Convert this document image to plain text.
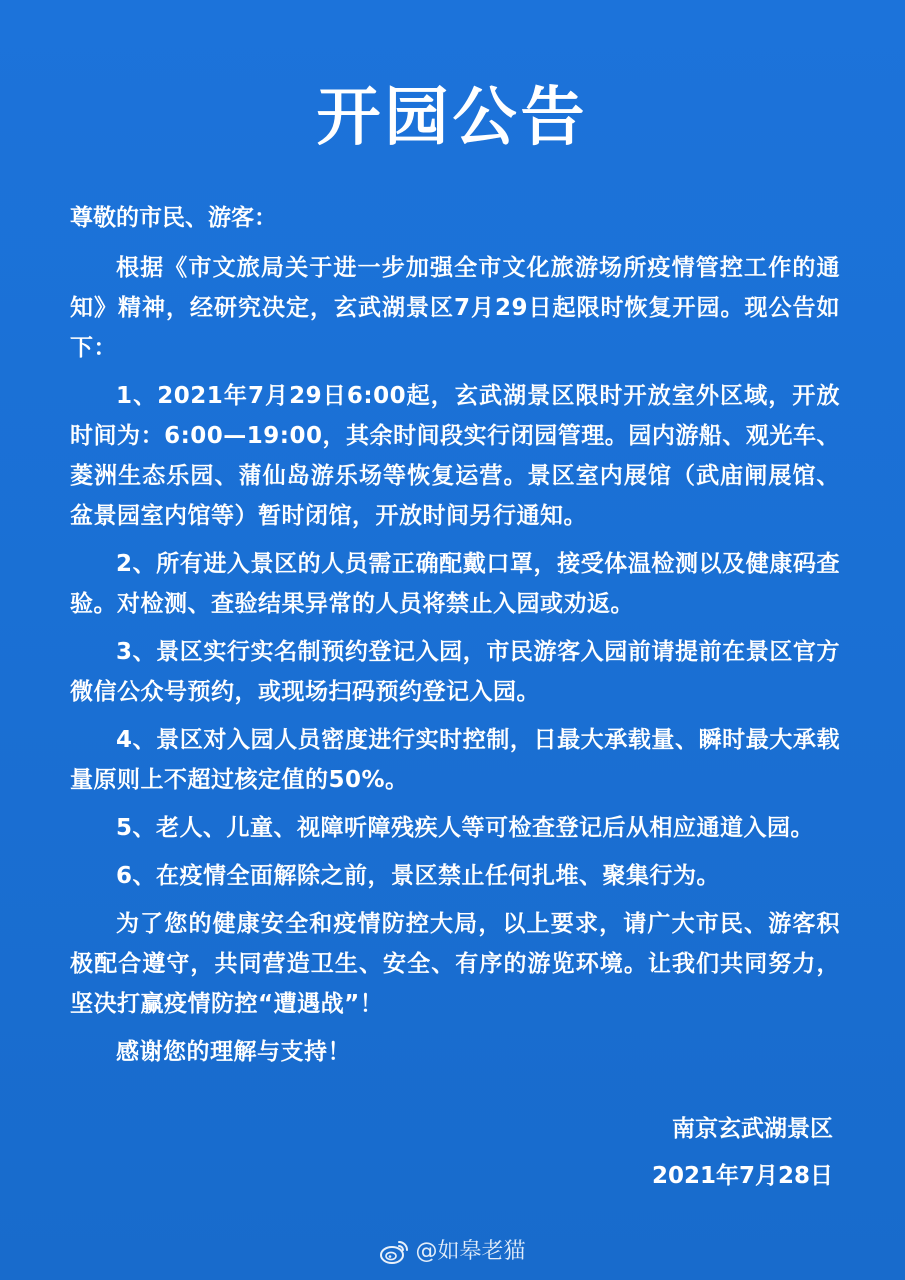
开园公告

尊敬的市民、游客：

根据《市文旅局关于进一步加强全市文化旅游场所疫情管控工作的通知》精神，经研究决定，玄武湖景区7月29日起限时恢复开园。现公告如下：

1、2021年7月29日6:00起，玄武湖景区限时开放室外区域，开放时间为：6:00—19:00，其余时间段实行闭园管理。园内游船、观光车、菱洲生态乐园、蒲仙岛游乐场等恢复运营。景区室内展馆（武庙闸展馆、盆景园室内馆等）暂时闭馆，开放时间另行通知。

2、所有进入景区的人员需正确配戴口罩，接受体温检测以及健康码查验。对检测、查验结果异常的人员将禁止入园或劝返。

3、景区实行实名制预约登记入园，市民游客入园前请提前在景区官方微信公众号预约，或现场扫码预约登记入园。

4、景区对入园人员密度进行实时控制，日最大承载量、瞬时最大承载量原则上不超过核定值的50%。

5、老人、儿童、视障听障残疾人等可检查登记后从相应通道入园。

6、在疫情全面解除之前，景区禁止任何扎堆、聚集行为。

为了您的健康安全和疫情防控大局，以上要求，请广大市民、游客积极配合遵守，共同营造卫生、安全、有序的游览环境。让我们共同努力，坚决打赢疫情防控“遭遇战”！

感谢您的理解与支持！

南京玄武湖景区
2021年7月28日
@如皋老猫
